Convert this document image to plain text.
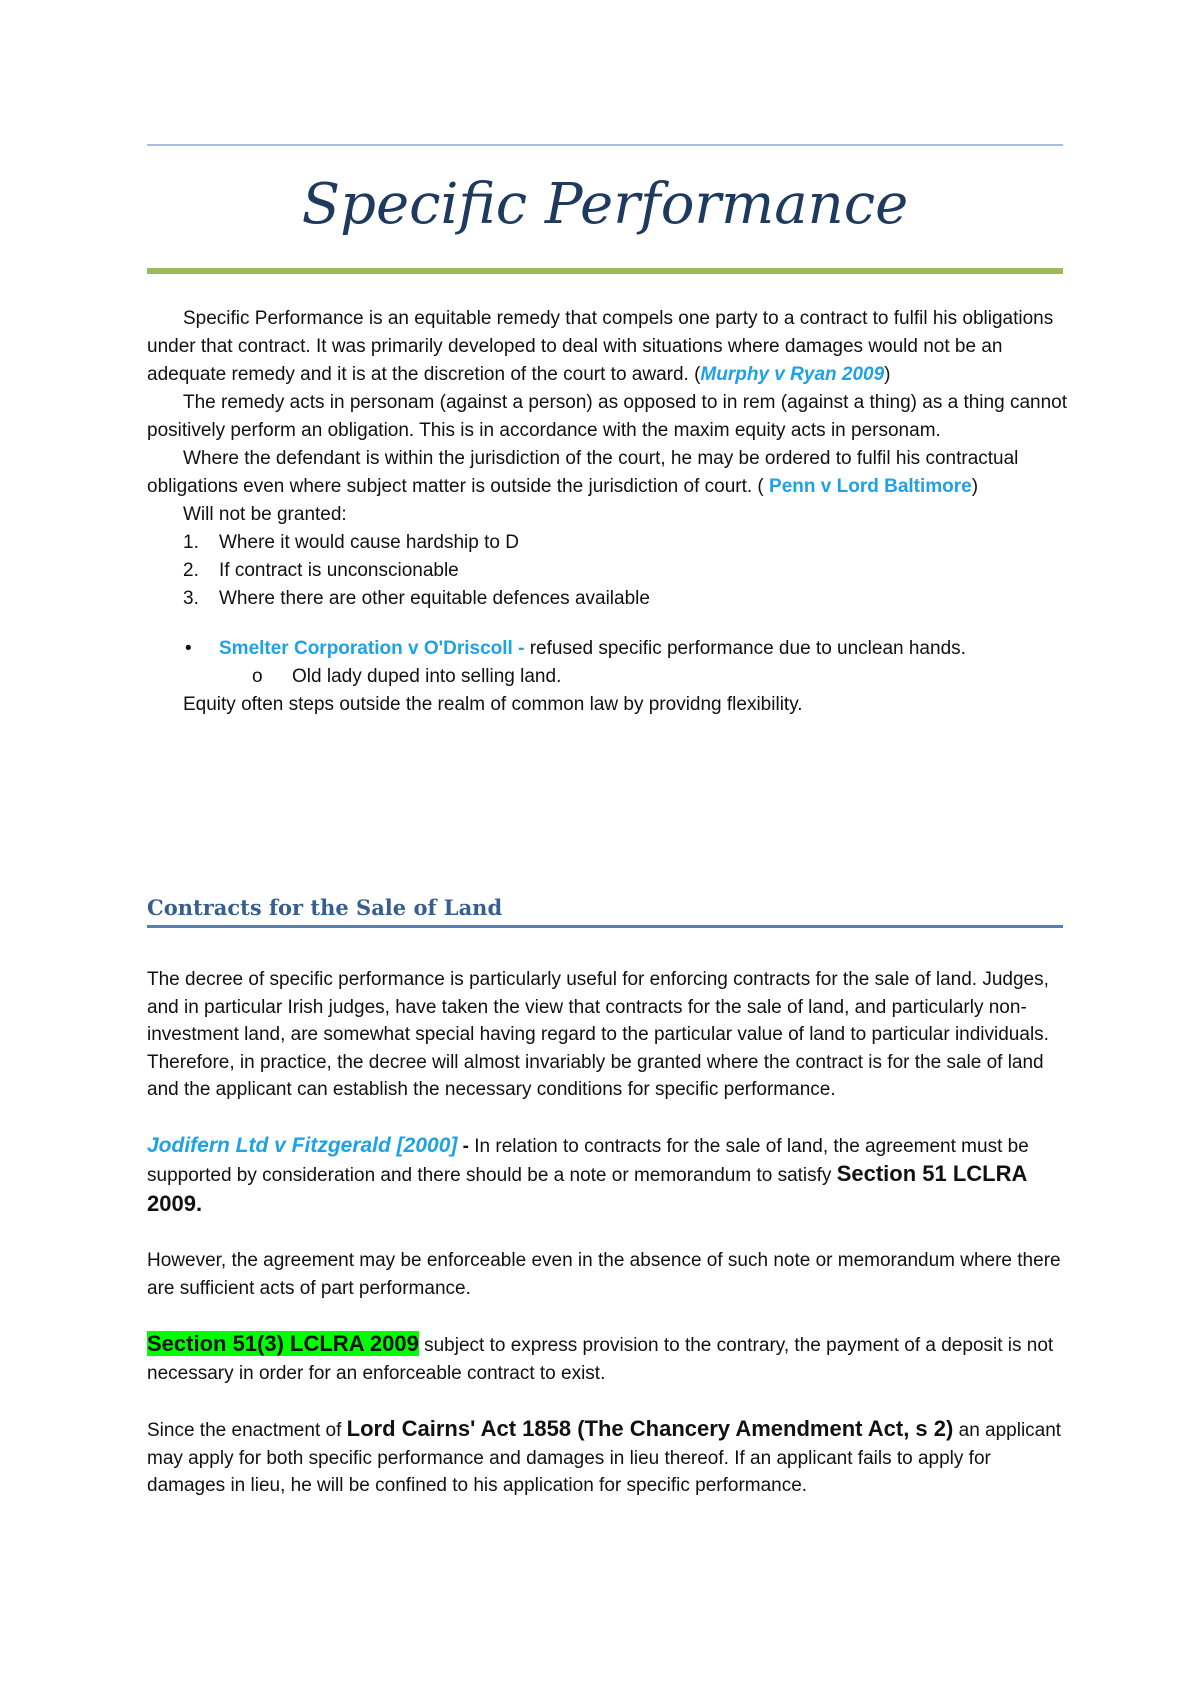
Specific Performance

Specific Performance is an equitable remedy that compels one party to a contract to fulfil his obligations under that contract. It was primarily developed to deal with situations where damages would not be an adequate remedy and it is at the discretion of the court to award. (Murphy v Ryan 2009)

The remedy acts in personam (against a person) as opposed to in rem (against a thing) as a thing cannot positively perform an obligation. This is in accordance with the maxim equity acts in personam.

Where the defendant is within the jurisdiction of the court, he may be ordered to fulfil his contractual obligations even where subject matter is outside the jurisdiction of court. ( Penn v Lord Baltimore)

Will not be granted:

1. Where it would cause hardship to D
2. If contract is unconscionable
3. Where there are other equitable defences available

• Smelter Corporation v O'Driscoll - refused specific performance due to unclean hands.

o Old lady duped into selling land.

Equity often steps outside the realm of common law by providng flexibility.

Contracts for the Sale of Land

The decree of specific performance is particularly useful for enforcing contracts for the sale of land. Judges, and in particular Irish judges, have taken the view that contracts for the sale of land, and particularly non-investment land, are somewhat special having regard to the particular value of land to particular individuals. Therefore, in practice, the decree will almost invariably be granted where the contract is for the sale of land and the applicant can establish the necessary conditions for specific performance.

Jodifern Ltd v Fitzgerald [2000] - In relation to contracts for the sale of land, the agreement must be supported by consideration and there should be a note or memorandum to satisfy Section 51 LCLRA 2009.

However, the agreement may be enforceable even in the absence of such note or memorandum where there are sufficient acts of part performance.

Section 51(3) LCLRA 2009 subject to express provision to the contrary, the payment of a deposit is not necessary in order for an enforceable contract to exist.

Since the enactment of Lord Cairns' Act 1858 (The Chancery Amendment Act, s 2) an applicant may apply for both specific performance and damages in lieu thereof. If an applicant fails to apply for damages in lieu, he will be confined to his application for specific performance.
